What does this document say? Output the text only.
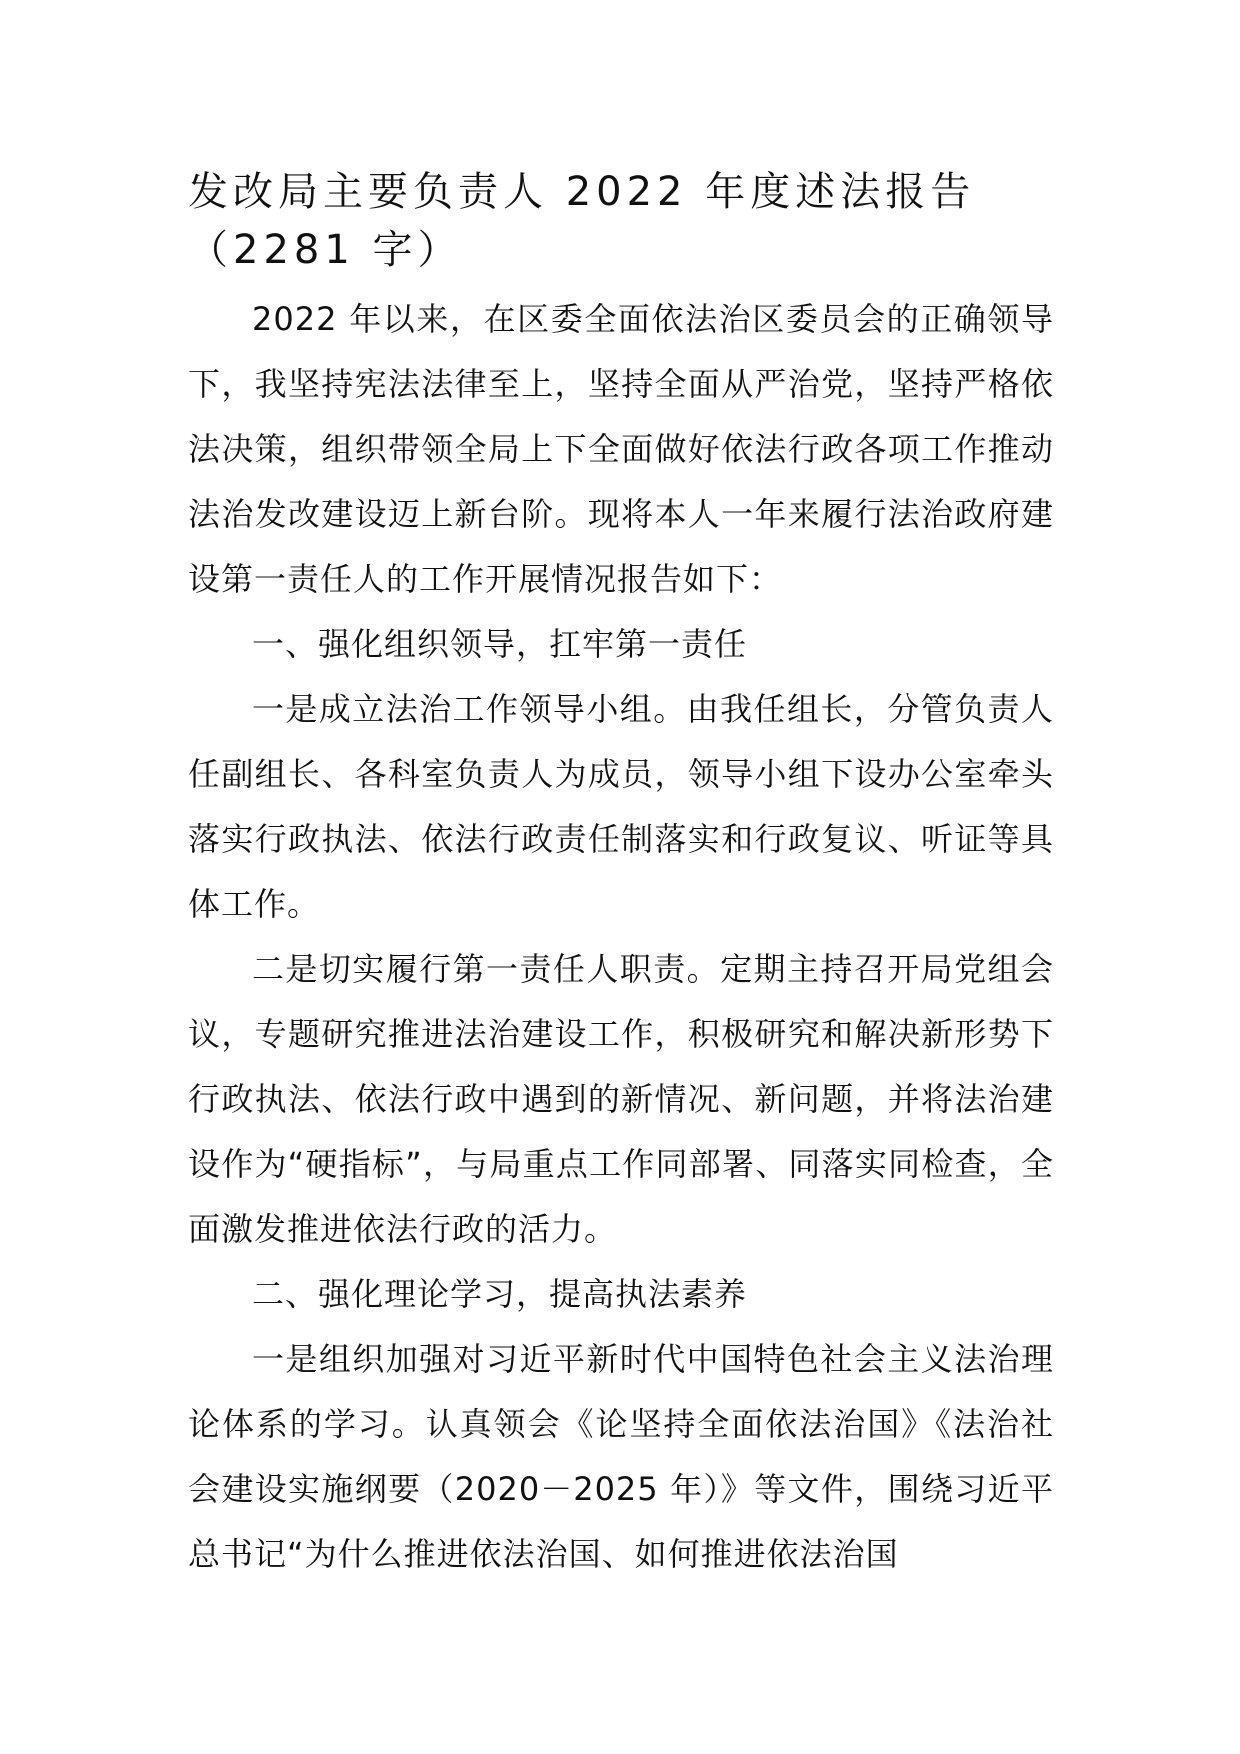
发改局主要负责人 2022 年度述法报告（2281 字）

2022 年以来，在区委全面依法治区委员会的正确领导下，我坚持宪法法律至上，坚持全面从严治党，坚持严格依法决策，组织带领全局上下全面做好依法行政各项工作推动法治发改建设迈上新台阶。现将本人一年来履行法治政府建设第一责任人的工作开展情况报告如下：

一、强化组织领导，扛牢第一责任

一是成立法治工作领导小组。由我任组长，分管负责人任副组长、各科室负责人为成员，领导小组下设办公室牵头落实行政执法、依法行政责任制落实和行政复议、听证等具体工作。

二是切实履行第一责任人职责。定期主持召开局党组会议，专题研究推进法治建设工作，积极研究和解决新形势下行政执法、依法行政中遇到的新情况、新问题，并将法治建设作为“硬指标”，与局重点工作同部署、同落实同检查，全面激发推进依法行政的活力。

二、强化理论学习，提高执法素养

一是组织加强对习近平新时代中国特色社会主义法治理论体系的学习。认真领会《论坚持全面依法治国》《法治社会建设实施纲要（2020－2025 年）》等文件，围绕习近平总书记“为什么推进依法治国、如何推进依法治国
